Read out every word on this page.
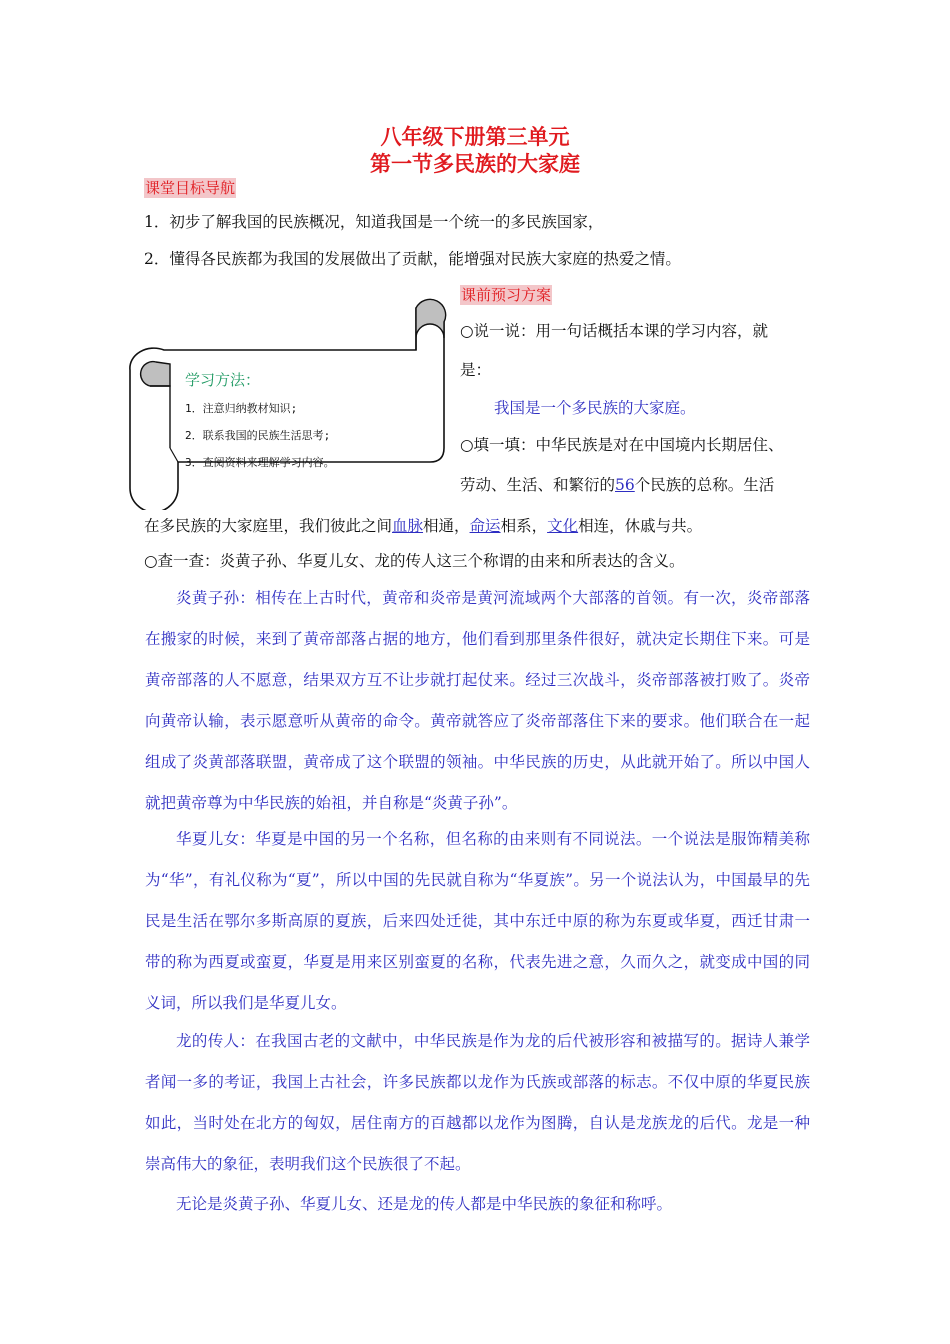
八年级下册第三单元
第一节多民族的大家庭
课堂目标导航
1．初步了解我国的民族概况，知道我国是一个统一的多民族国家，
2．懂得各民族都为我国的发展做出了贡献，能增强对民族大家庭的热爱之情。
学习方法：
1．注意归纳教材知识;
2．联系我国的民族生活思考;
3．查阅资料来理解学习内容。
课前预习方案
○说一说：用一句话概括本课的学习内容，就
是：
我国是一个多民族的大家庭。
○填一填：中华民族是对在中国境内长期居住、
劳动、生活、和繁衍的56个民族的总称。生活
在多民族的大家庭里，我们彼此之间血脉相通，命运相系，文化相连，休戚与共。
○查一查：炎黄子孙、华夏儿女、龙的传人这三个称谓的由来和所表达的含义。
炎黄子孙：相传在上古时代，黄帝和炎帝是黄河流域两个大部落的首领。有一次，炎帝部落在搬家的时候，来到了黄帝部落占据的地方，他们看到那里条件很好，就决定长期住下来。可是黄帝部落的人不愿意，结果双方互不让步就打起仗来。经过三次战斗，炎帝部落被打败了。炎帝向黄帝认输，表示愿意听从黄帝的命令。黄帝就答应了炎帝部落住下来的要求。他们联合在一起组成了炎黄部落联盟，黄帝成了这个联盟的领袖。中华民族的历史，从此就开始了。所以中国人就把黄帝尊为中华民族的始祖，并自称是“炎黄子孙”。
华夏儿女：华夏是中国的另一个名称，但名称的由来则有不同说法。一个说法是服饰精美称为“华”，有礼仪称为“夏”，所以中国的先民就自称为“华夏族”。另一个说法认为，中国最早的先民是生活在鄂尔多斯高原的夏族，后来四处迁徙，其中东迁中原的称为东夏或华夏，西迁甘肃一带的称为西夏或蛮夏，华夏是用来区别蛮夏的名称，代表先进之意，久而久之，就变成中国的同义词，所以我们是华夏儿女。
龙的传人：在我国古老的文献中，中华民族是作为龙的后代被形容和被描写的。据诗人兼学者闻一多的考证，我国上古社会，许多民族都以龙作为氏族或部落的标志。不仅中原的华夏民族如此，当时处在北方的匈奴，居住南方的百越都以龙作为图腾，自认是龙族龙的后代。龙是一种崇高伟大的象征，表明我们这个民族很了不起。
无论是炎黄子孙、华夏儿女、还是龙的传人都是中华民族的象征和称呼。
